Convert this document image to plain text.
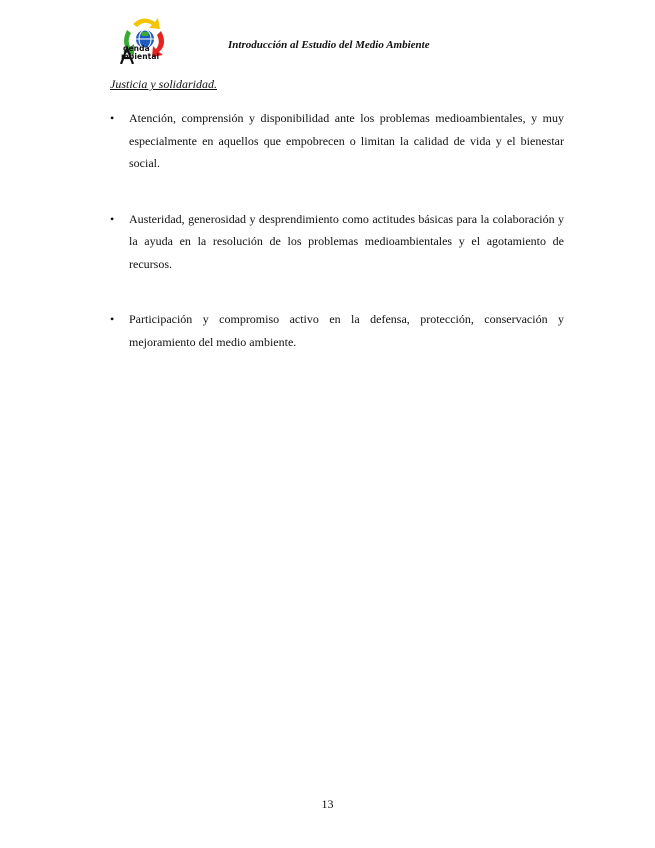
genda
mbiental
Introducción al Estudio del Medio Ambiente
Justicia y solidaridad.
• Atención, comprensión y disponibilidad ante los problemas medioambientales, y muy especialmente en aquellos que empobrecen o limitan la calidad de vida y el bienestar social.
• Austeridad, generosidad y desprendimiento como actitudes básicas para la colaboración y la ayuda en la resolución de los problemas medioambientales y el agotamiento de recursos.
• Participación y compromiso activo en la defensa, protección, conservación y mejoramiento del medio ambiente.
13
